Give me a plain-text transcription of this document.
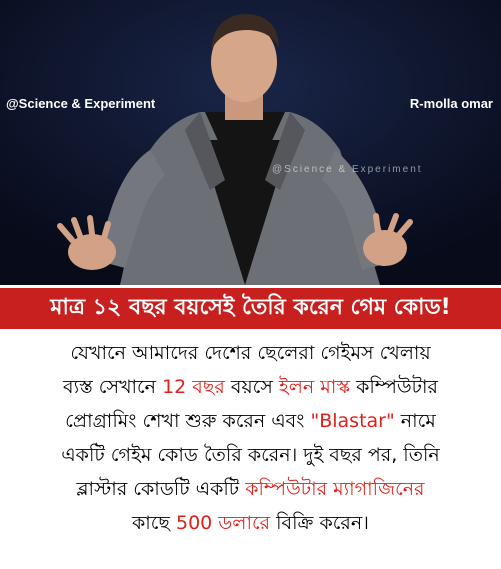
@Science & Experiment	R-molla omar
@Science & Experiment
মাত্র ১২ বছর বয়সেই তৈরি করেন গেম কোড!
যেখানে আমাদের দেশের ছেলেরা গেইমস খেলায়
ব্যস্ত সেখানে 12 বছর বয়সে ইলন মাস্ক কম্পিউটার
প্রোগ্রামিং শেখা শুরু করেন এবং "Blastar" নামে
একটি গেইম কোড তৈরি করেন। দুই বছর পর, তিনি
ব্লাস্টার কোডটি একটি কম্পিউটার ম্যাগাজিনের
কাছে 500 ডলারে বিক্রি করেন।
